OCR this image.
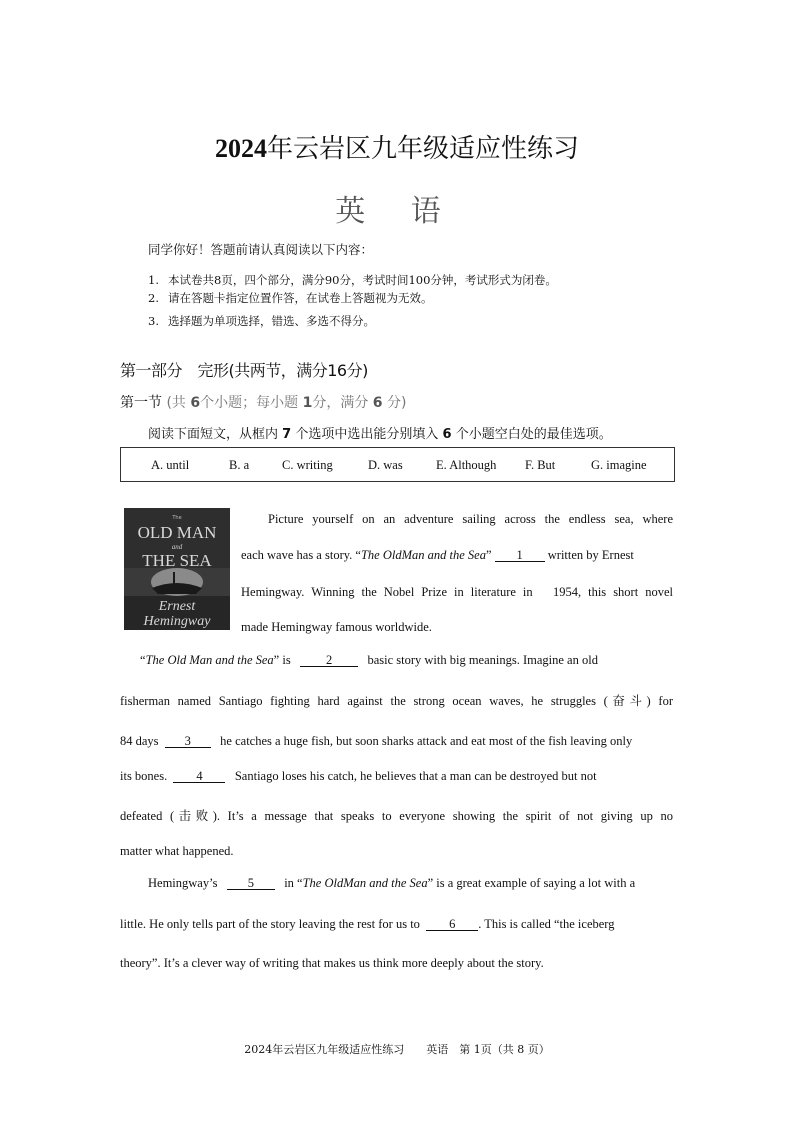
2024年云岩区九年级适应性练习
英 语
同学你好！答题前请认真阅读以下内容：
1. 本试卷共8页，四个部分，满分90分，考试时间100分钟，考试形式为闭卷。
2. 请在答题卡指定位置作答，在试卷上答题视为无效。
3. 选择题为单项选择，错选、多选不得分。
第一部分　完形(共两节，满分16分)
第一节 (共 6个小题；每小题 1分，满分 6 分)
阅读下面短文，从框内 7 个选项中选出能分别填入 6 个小题空白处的最佳选项。
A. until	B. a	C. writing	D. was	E. Although F. But	G. imagine
The
OLD MAN
and
THE SEA
Ernest
Hemingway
Picture yourself on an adventure sailing across the endless sea, where
each wave has a story. “The OldMan and the Sea” 1 written by Ernest
Hemingway. Winning the Nobel Prize in literature in　1954, this short novel
made Hemingway famous worldwide.
“The Old Man and the Sea” is	2	basic story with big meanings. Imagine an old
fisherman named Santiago fighting hard against the strong ocean waves, he struggles (奋斗) for
84 days 3 he catches a huge fish, but soon sharks attack and eat most of the fish leaving only
its bones. 4	Santiago loses his catch, he believes that a man can be destroyed but not
defeated (击败). It’s a message that speaks to everyone showing the spirit of not giving up no
matter what happened.
Hemingway’s 5 in “The OldMan and the Sea” is a great example of saying a lot with a
little. He only tells part of the story leaving the rest for us to 6 . This is called “the iceberg
theory”. It’s a clever way of writing that makes us think more deeply about the story.
2024年云岩区九年级适应性练习　　英语　第 1页（共 8 页）
